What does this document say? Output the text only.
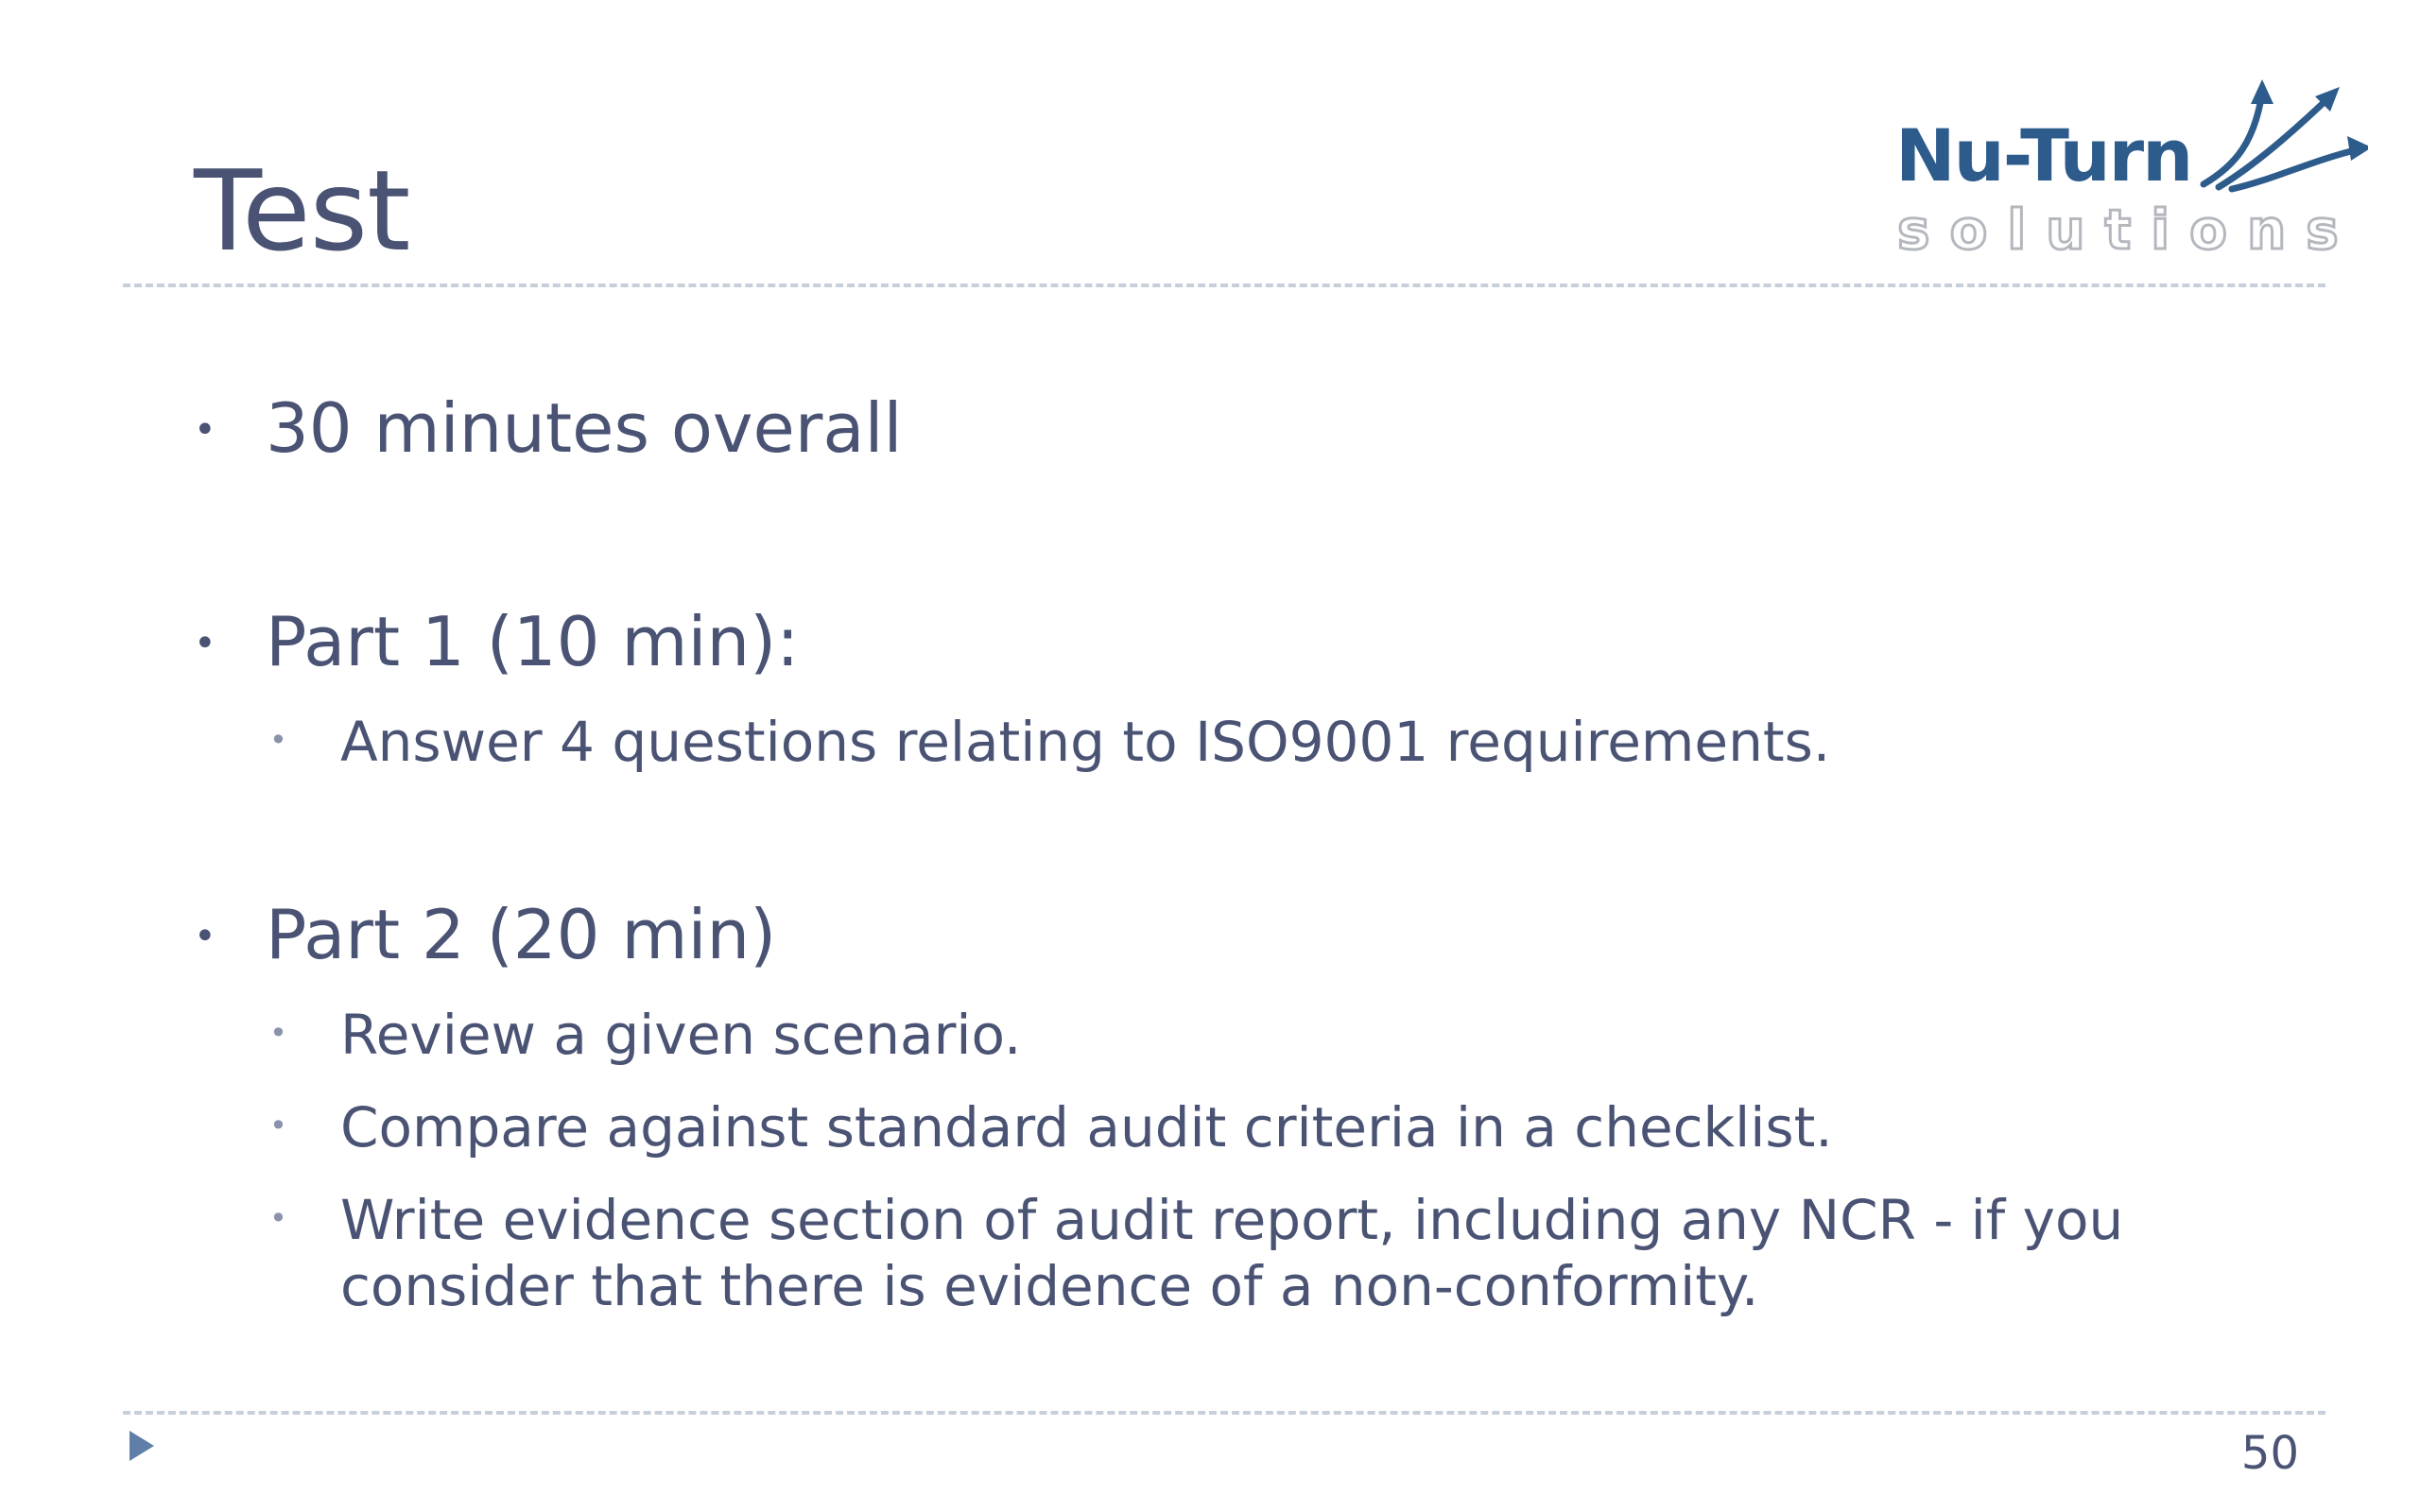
Test	Nu-Turn
solutions
• 30 minutes overall
• Part 1 (10 min):
• Answer 4 questions relating to ISO9001 requirements.
• Part 2 (20 min)
• Review a given scenario.
• Compare against standard audit criteria in a checklist.
• Write evidence section of audit report, including any NCR - if you consider that there is evidence of a non-conformity.
50
